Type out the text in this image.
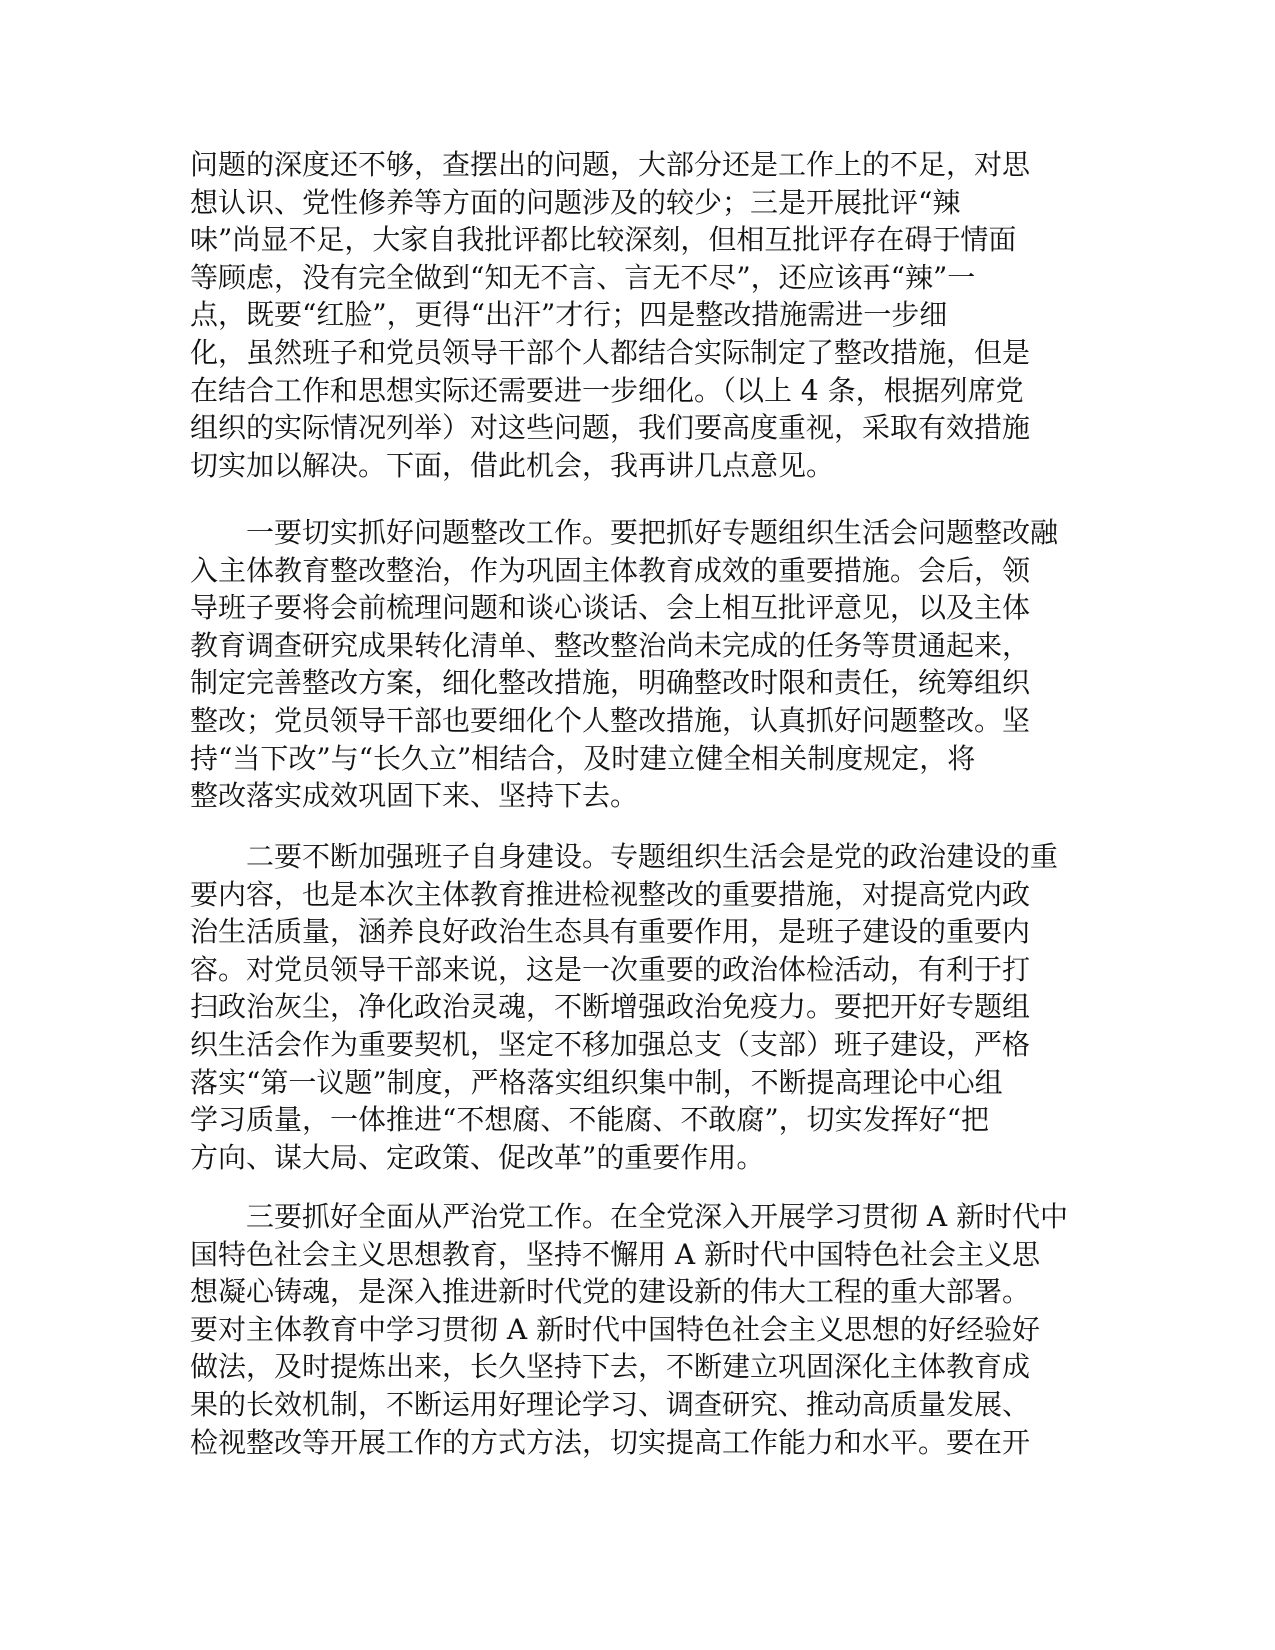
问题的深度还不够，查摆出的问题，大部分还是工作上的不足，对思
想认识、党性修养等方面的问题涉及的较少；三是开展批评“辣
味”尚显不足，大家自我批评都比较深刻，但相互批评存在碍于情面
等顾虑，没有完全做到“知无不言、言无不尽”，还应该再“辣”一
点，既要“红脸”，更得“出汗”才行；四是整改措施需进一步细
化，虽然班子和党员领导干部个人都结合实际制定了整改措施，但是
在结合工作和思想实际还需要进一步细化。（以上 4 条，根据列席党
组织的实际情况列举）对这些问题，我们要高度重视，采取有效措施
切实加以解决。下面，借此机会，我再讲几点意见。

　　一要切实抓好问题整改工作。要把抓好专题组织生活会问题整改融
入主体教育整改整治，作为巩固主体教育成效的重要措施。会后，领
导班子要将会前梳理问题和谈心谈话、会上相互批评意见，以及主体
教育调查研究成果转化清单、整改整治尚未完成的任务等贯通起来，
制定完善整改方案，细化整改措施，明确整改时限和责任，统筹组织
整改；党员领导干部也要细化个人整改措施，认真抓好问题整改。坚
持“当下改”与“长久立”相结合，及时建立健全相关制度规定，将
整改落实成效巩固下来、坚持下去。

　　二要不断加强班子自身建设。专题组织生活会是党的政治建设的重
要内容，也是本次主体教育推进检视整改的重要措施，对提高党内政
治生活质量，涵养良好政治生态具有重要作用，是班子建设的重要内
容。对党员领导干部来说，这是一次重要的政治体检活动，有利于打
扫政治灰尘，净化政治灵魂，不断增强政治免疫力。要把开好专题组
织生活会作为重要契机，坚定不移加强总支（支部）班子建设，严格
落实“第一议题”制度，严格落实组织集中制，不断提高理论中心组
学习质量，一体推进“不想腐、不能腐、不敢腐”，切实发挥好“把
方向、谋大局、定政策、促改革”的重要作用。

　　三要抓好全面从严治党工作。在全党深入开展学习贯彻 A 新时代中
国特色社会主义思想教育，坚持不懈用 A 新时代中国特色社会主义思
想凝心铸魂，是深入推进新时代党的建设新的伟大工程的重大部署。
要对主体教育中学习贯彻 A 新时代中国特色社会主义思想的好经验好
做法，及时提炼出来，长久坚持下去，不断建立巩固深化主体教育成
果的长效机制，不断运用好理论学习、调查研究、推动高质量发展、
检视整改等开展工作的方式方法，切实提高工作能力和水平。要在开
